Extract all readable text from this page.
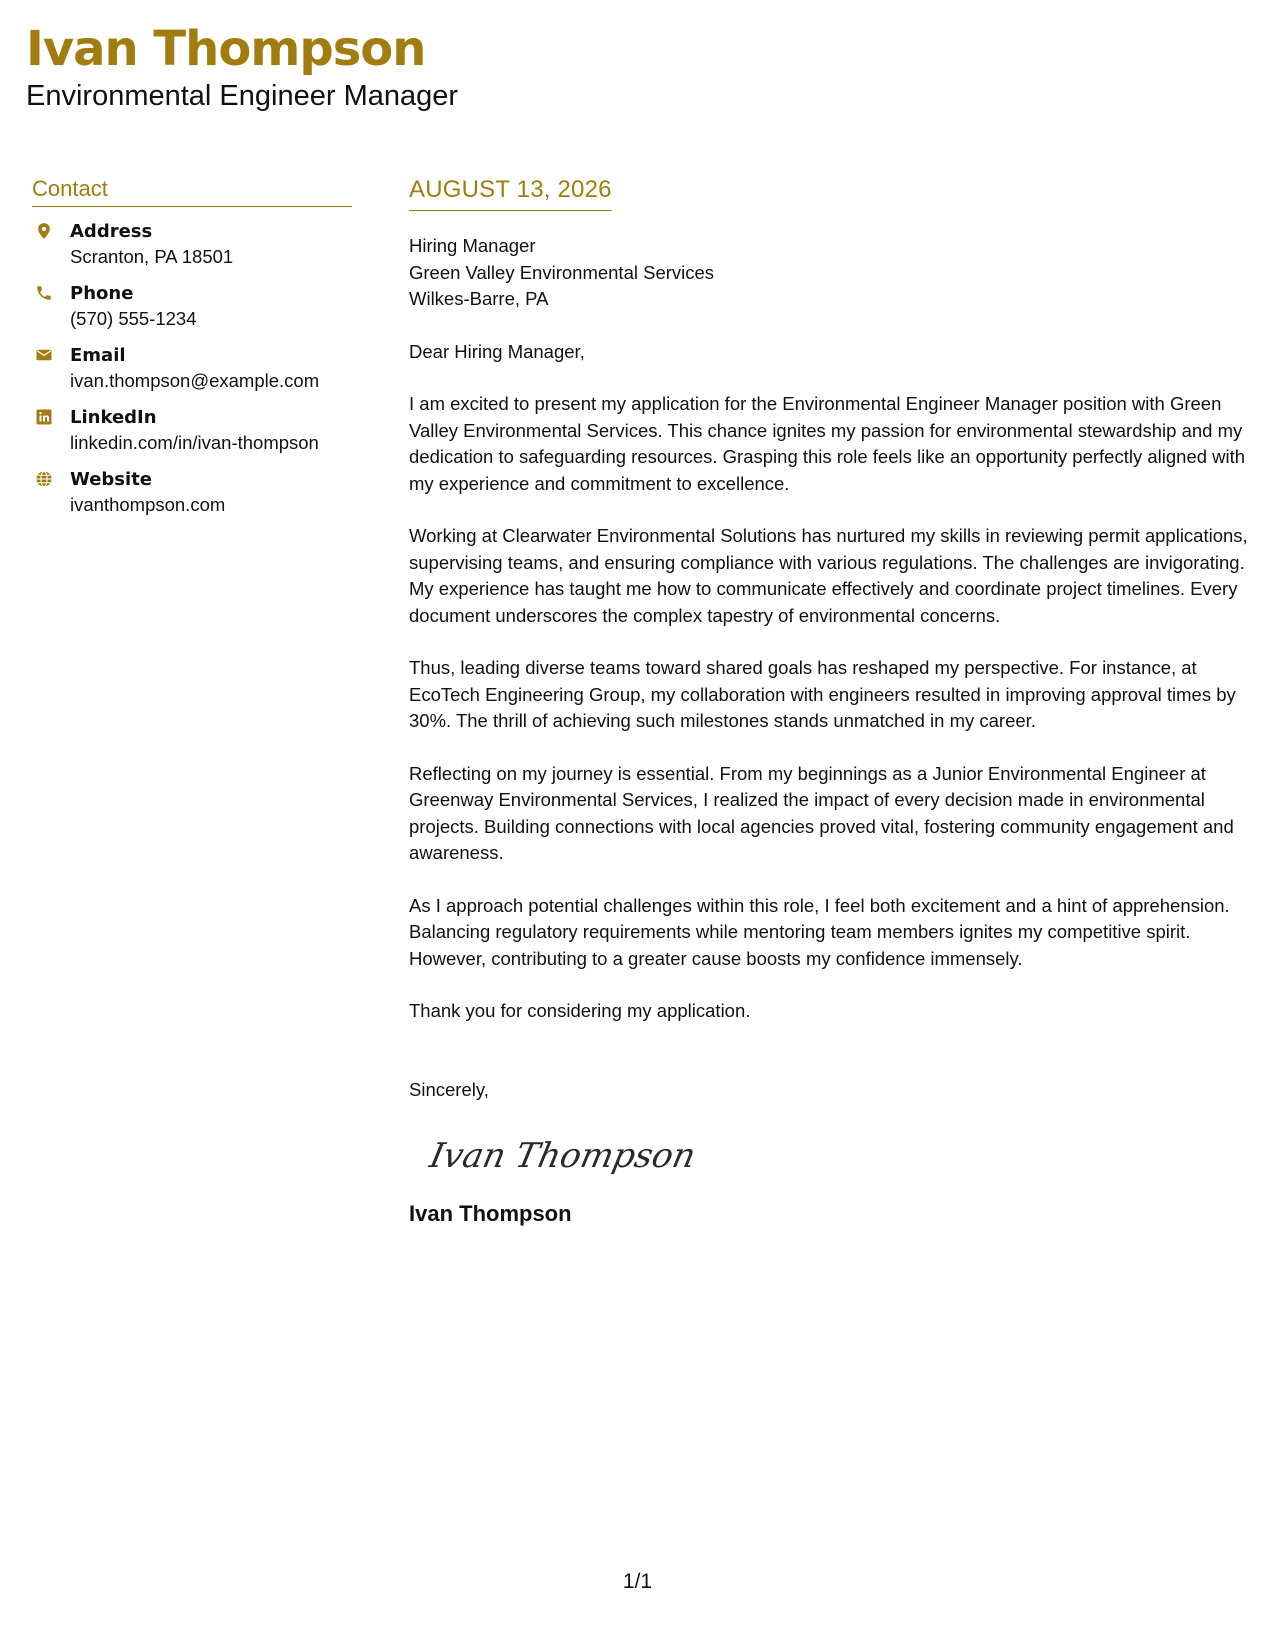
Ivan Thompson
Environmental Engineer Manager
Contact
Address
Scranton, PA 18501
Phone
(570) 555-1234
Email
ivan.thompson@example.com
LinkedIn
linkedin.com/in/ivan-thompson
Website
ivanthompson.com
AUGUST 13, 2026
Hiring Manager
Green Valley Environmental Services
Wilkes-Barre, PA
Dear Hiring Manager,

I am excited to present my application for the Environmental Engineer Manager position with Green Valley Environmental Services. This chance ignites my passion for environmental stewardship and my dedication to safeguarding resources. Grasping this role feels like an opportunity perfectly aligned with my experience and commitment to excellence.

Working at Clearwater Environmental Solutions has nurtured my skills in reviewing permit applications, supervising teams, and ensuring compliance with various regulations. The challenges are invigorating. My experience has taught me how to communicate effectively and coordinate project timelines. Every document underscores the complex tapestry of environmental concerns.

Thus, leading diverse teams toward shared goals has reshaped my perspective. For instance, at EcoTech Engineering Group, my collaboration with engineers resulted in improving approval times by 30%. The thrill of achieving such milestones stands unmatched in my career.

Reflecting on my journey is essential. From my beginnings as a Junior Environmental Engineer at Greenway Environmental Services, I realized the impact of every decision made in environmental projects. Building connections with local agencies proved vital, fostering community engagement and awareness.

As I approach potential challenges within this role, I feel both excitement and a hint of apprehension. Balancing regulatory requirements while mentoring team members ignites my competitive spirit. However, contributing to a greater cause boosts my confidence immensely.

Thank you for considering my application.

Sincerely,
Ivan Thompson
Ivan Thompson
1/1
